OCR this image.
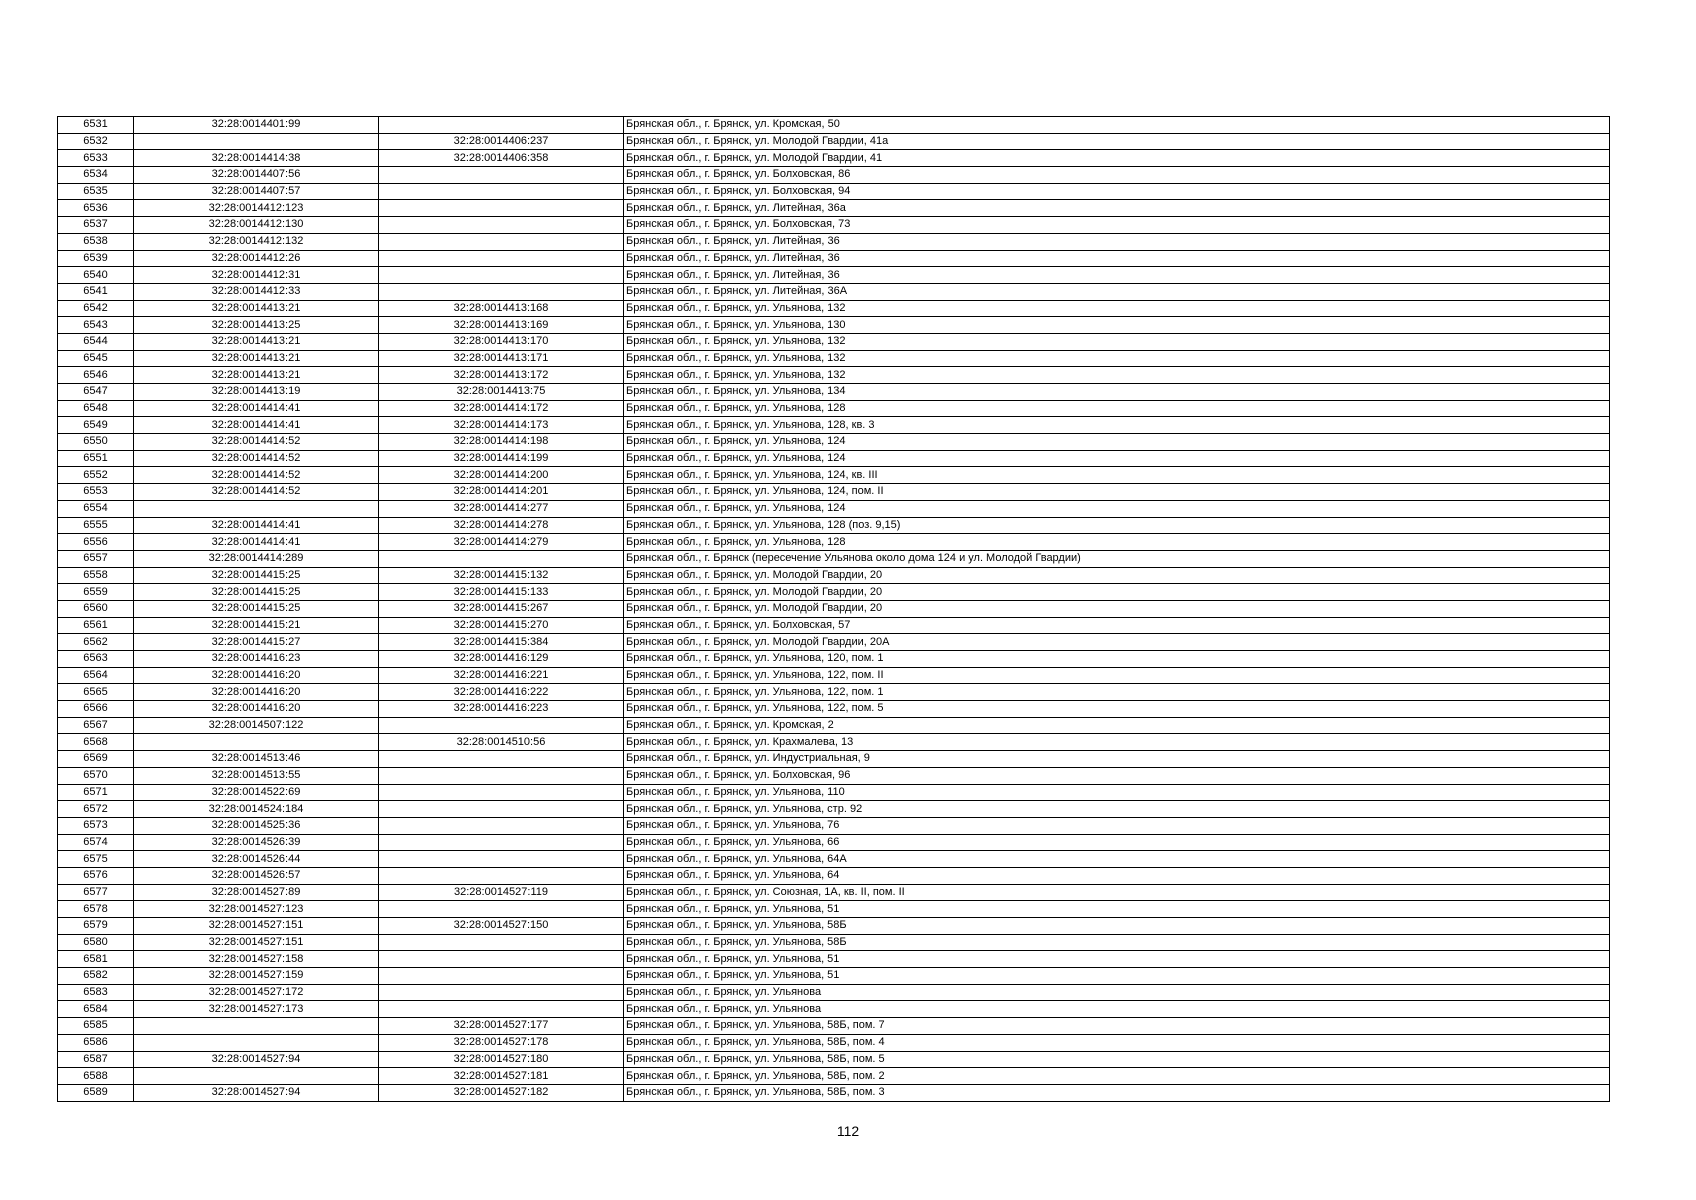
6531	32:28:0014401:99		Брянская обл., г. Брянск, ул. Кромская, 50
6532		32:28:0014406:237	Брянская обл., г. Брянск, ул. Молодой Гвардии, 41а
6533	32:28:0014414:38	32:28:0014406:358	Брянская обл., г. Брянск, ул. Молодой Гвардии, 41
6534	32:28:0014407:56		Брянская обл., г. Брянск, ул. Болховская, 86
6535	32:28:0014407:57		Брянская обл., г. Брянск, ул. Болховская, 94
6536	32:28:0014412:123		Брянская обл., г. Брянск, ул. Литейная, 36а
6537	32:28:0014412:130		Брянская обл., г. Брянск, ул. Болховская, 73
6538	32:28:0014412:132		Брянская обл., г. Брянск, ул. Литейная, 36
6539	32:28:0014412:26		Брянская обл., г. Брянск, ул. Литейная, 36
6540	32:28:0014412:31		Брянская обл., г. Брянск, ул. Литейная, 36
6541	32:28:0014412:33		Брянская обл., г. Брянск, ул. Литейная, 36А
6542	32:28:0014413:21	32:28:0014413:168	Брянская обл., г. Брянск, ул. Ульянова, 132
6543	32:28:0014413:25	32:28:0014413:169	Брянская обл., г. Брянск, ул. Ульянова, 130
6544	32:28:0014413:21	32:28:0014413:170	Брянская обл., г. Брянск, ул. Ульянова, 132
6545	32:28:0014413:21	32:28:0014413:171	Брянская обл., г. Брянск, ул. Ульянова, 132
6546	32:28:0014413:21	32:28:0014413:172	Брянская обл., г. Брянск, ул. Ульянова, 132
6547	32:28:0014413:19	32:28:0014413:75	Брянская обл., г. Брянск, ул. Ульянова, 134
6548	32:28:0014414:41	32:28:0014414:172	Брянская обл., г. Брянск, ул. Ульянова, 128
6549	32:28:0014414:41	32:28:0014414:173	Брянская обл., г. Брянск, ул. Ульянова, 128, кв. 3
6550	32:28:0014414:52	32:28:0014414:198	Брянская обл., г. Брянск, ул. Ульянова, 124
6551	32:28:0014414:52	32:28:0014414:199	Брянская обл., г. Брянск, ул. Ульянова, 124
6552	32:28:0014414:52	32:28:0014414:200	Брянская обл., г. Брянск, ул. Ульянова, 124, кв. III
6553	32:28:0014414:52	32:28:0014414:201	Брянская обл., г. Брянск, ул. Ульянова, 124, пом. II
6554		32:28:0014414:277	Брянская обл., г. Брянск, ул. Ульянова, 124
6555	32:28:0014414:41	32:28:0014414:278	Брянская обл., г. Брянск, ул. Ульянова, 128 (поз. 9,15)
6556	32:28:0014414:41	32:28:0014414:279	Брянская обл., г. Брянск, ул. Ульянова, 128
6557	32:28:0014414:289		Брянская обл., г. Брянск (пересечение Ульянова около дома 124 и ул. Молодой Гвардии)
6558	32:28:0014415:25	32:28:0014415:132	Брянская обл., г. Брянск, ул. Молодой Гвардии, 20
6559	32:28:0014415:25	32:28:0014415:133	Брянская обл., г. Брянск, ул. Молодой Гвардии, 20
6560	32:28:0014415:25	32:28:0014415:267	Брянская обл., г. Брянск, ул. Молодой Гвардии, 20
6561	32:28:0014415:21	32:28:0014415:270	Брянская обл., г. Брянск, ул. Болховская, 57
6562	32:28:0014415:27	32:28:0014415:384	Брянская обл., г. Брянск, ул. Молодой Гвардии, 20А
6563	32:28:0014416:23	32:28:0014416:129	Брянская обл., г. Брянск, ул. Ульянова, 120, пом. 1
6564	32:28:0014416:20	32:28:0014416:221	Брянская обл., г. Брянск, ул. Ульянова, 122, пом. II
6565	32:28:0014416:20	32:28:0014416:222	Брянская обл., г. Брянск, ул. Ульянова, 122, пом. 1
6566	32:28:0014416:20	32:28:0014416:223	Брянская обл., г. Брянск, ул. Ульянова, 122, пом. 5
6567	32:28:0014507:122		Брянская обл., г. Брянск, ул. Кромская, 2
6568		32:28:0014510:56	Брянская обл., г. Брянск, ул. Крахмалева, 13
6569	32:28:0014513:46		Брянская обл., г. Брянск, ул. Индустриальная, 9
6570	32:28:0014513:55		Брянская обл., г. Брянск, ул. Болховская, 96
6571	32:28:0014522:69		Брянская обл., г. Брянск, ул. Ульянова, 110
6572	32:28:0014524:184		Брянская обл., г. Брянск, ул. Ульянова, стр. 92
6573	32:28:0014525:36		Брянская обл., г. Брянск, ул. Ульянова, 76
6574	32:28:0014526:39		Брянская обл., г. Брянск, ул. Ульянова, 66
6575	32:28:0014526:44		Брянская обл., г. Брянск, ул. Ульянова, 64А
6576	32:28:0014526:57		Брянская обл., г. Брянск, ул. Ульянова, 64
6577	32:28:0014527:89	32:28:0014527:119	Брянская обл., г. Брянск, ул. Союзная, 1А, кв. II, пом. II
6578	32:28:0014527:123		Брянская обл., г. Брянск, ул. Ульянова, 51
6579	32:28:0014527:151	32:28:0014527:150	Брянская обл., г. Брянск, ул. Ульянова, 58Б
6580	32:28:0014527:151		Брянская обл., г. Брянск, ул. Ульянова, 58Б
6581	32:28:0014527:158		Брянская обл., г. Брянск, ул. Ульянова, 51
6582	32:28:0014527:159		Брянская обл., г. Брянск, ул. Ульянова, 51
6583	32:28:0014527:172		Брянская обл., г. Брянск, ул. Ульянова
6584	32:28:0014527:173		Брянская обл., г. Брянск, ул. Ульянова
6585		32:28:0014527:177	Брянская обл., г. Брянск, ул. Ульянова, 58Б, пом. 7
6586		32:28:0014527:178	Брянская обл., г. Брянск, ул. Ульянова, 58Б, пом. 4
6587	32:28:0014527:94	32:28:0014527:180	Брянская обл., г. Брянск, ул. Ульянова, 58Б, пом. 5
6588		32:28:0014527:181	Брянская обл., г. Брянск, ул. Ульянова, 58Б, пом. 2
6589	32:28:0014527:94	32:28:0014527:182	Брянская обл., г. Брянск, ул. Ульянова, 58Б, пом. 3
112
